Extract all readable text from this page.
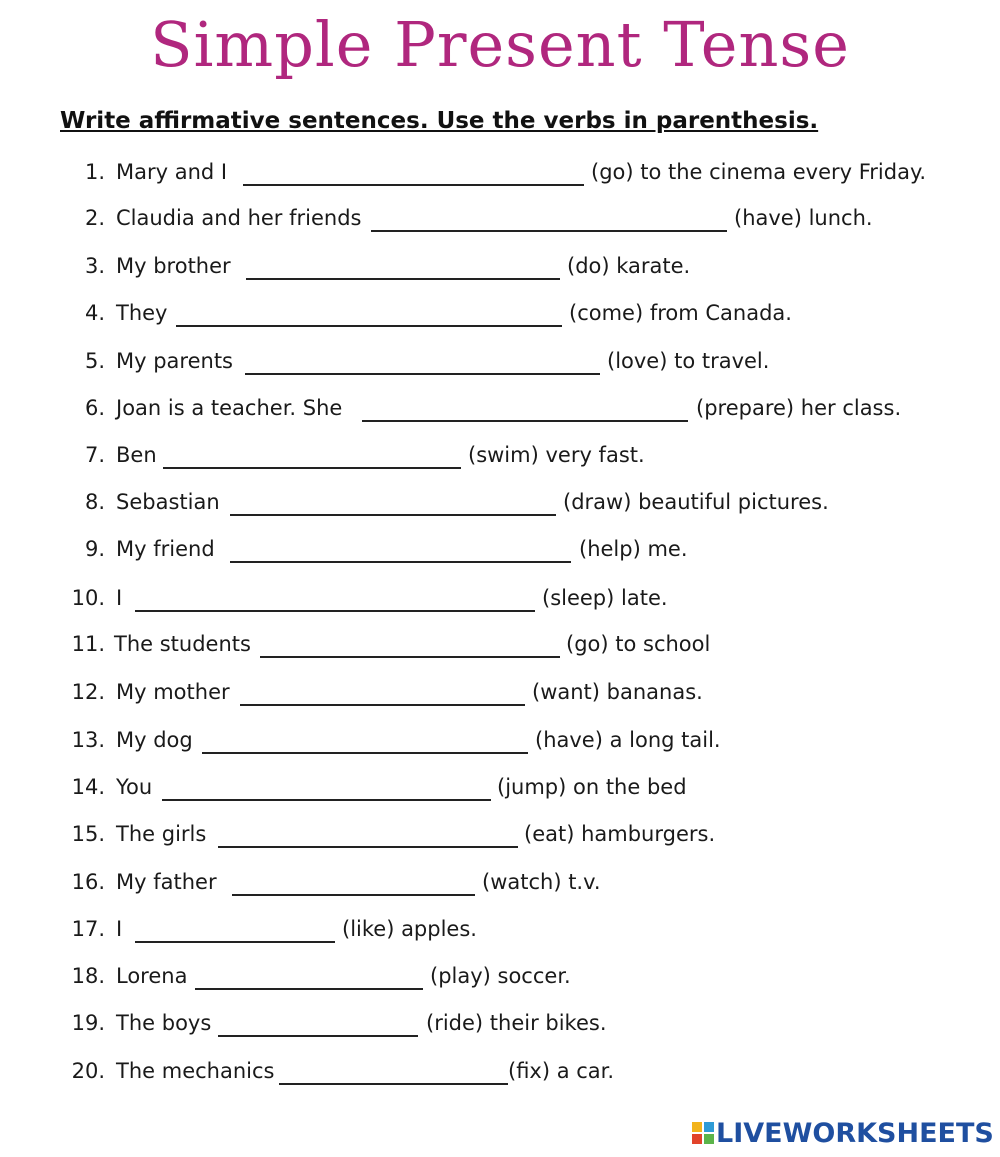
Simple Present Tense
Write affirmative sentences. Use the verbs in parenthesis.
1. Mary and I	(go) to the cinema every Friday.
2. Claudia and her friends	(have) lunch.
3. My brother	(do) karate.
4. They	(come) from Canada.
5. My parents	(love) to travel.
6. Joan is a teacher. She	(prepare) her class.
7. Ben	(swim) very fast.
8. Sebastian	(draw) beautiful pictures.
9. My friend	(help) me.
10. I	(sleep) late.
11. The students	(go) to school
12. My mother	(want) bananas.
13. My dog	(have) a long tail.
14. You	(jump) on the bed
15. The girls	(eat) hamburgers.
16. My father	(watch) t.v.
17. I	(like) apples.
18. Lorena	(play) soccer.
19. The boys	(ride) their bikes.
20. The mechanics	(fix) a car.
LIVEWORKSHEETS
